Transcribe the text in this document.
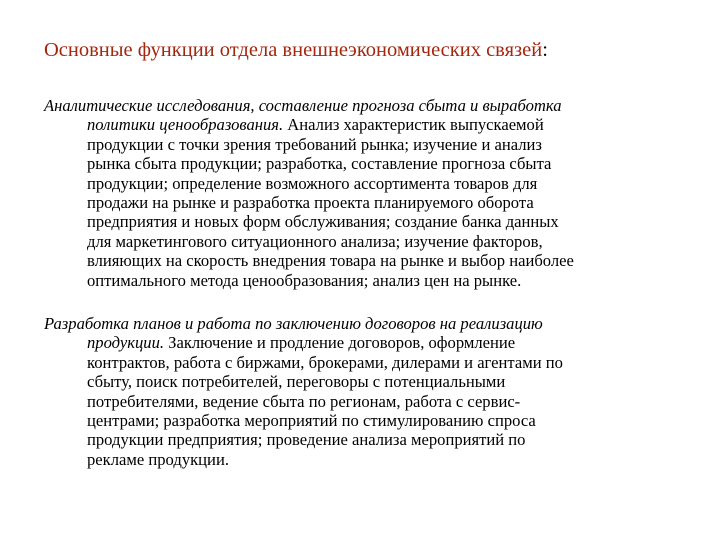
Основные функции отдела внешнеэкономических связей:
Аналитические исследования, составление прогноза сбыта и выработка
политики ценообразования. Анализ характеристик выпускаемой
продукции с точки зрения требований рынка; изучение и анализ
рынка сбыта продукции; разработка, составление прогноза сбыта
продукции; определение возможного ассортимента товаров для
продажи на рынке и разработка проекта планируемого оборота
предприятия и новых форм обслуживания; создание банка данных
для маркетингового ситуационного анализа; изучение факторов,
влияющих на скорость внедрения товара на рынке и выбор наиболее
оптимального метода ценообразования; анализ цен на рынке.
Разработка планов и работа по заключению договоров на реализацию
продукции. Заключение и продление договоров, оформление
контрактов, работа с биржами, брокерами, дилерами и агентами по
сбыту, поиск потребителей, переговоры с потенциальными
потребителями, ведение сбыта по регионам, работа с сервис-
центрами; разработка мероприятий по стимулированию спроса
продукции предприятия; проведение анализа мероприятий по
рекламе продукции.
